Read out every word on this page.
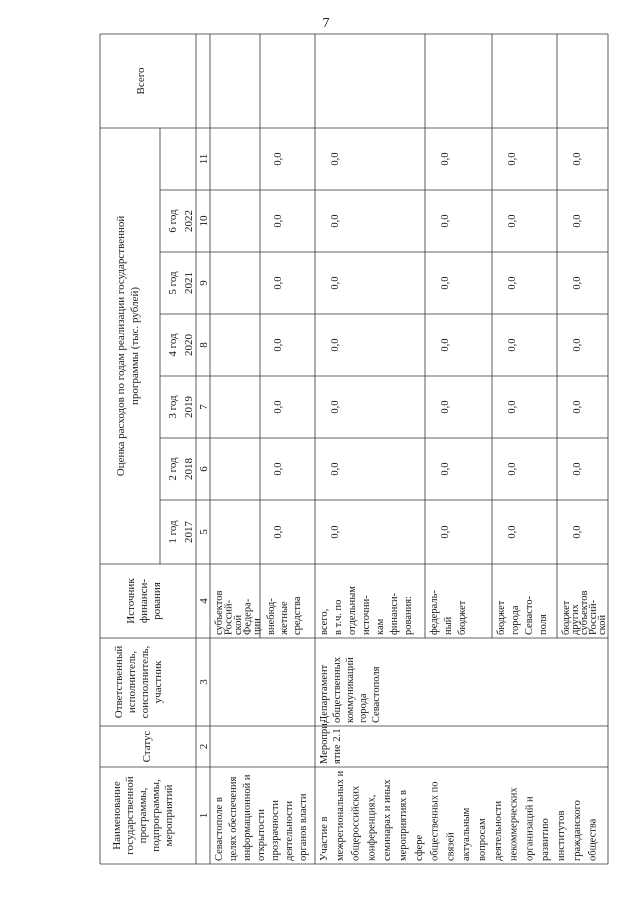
7
Наименование государственной программы, подпрограммы, мероприятий
Статус
Ответственный исполнитель, соисполнитель, участник
Источник финанси- рования
Оценка расходов по годам реализации государственной программы (тыс. рублей)
Всего
1 год 2017
2 год 2018
3 год 2019
4 год 2020
5 год 2021
6 год 2022
1
2
3
4
5
6
7
8
9
10
11
Севастополе в целях обеспечения информационной и открытости прозрачности деятельности органов власти
субъектов
Россий-
ской
Федера-
ции внебюд- жетные средства
0,0
0,0
0,0
0,0
0,0
0,0
0,0
Участие в межрегиональных и общероссийских конференциях, семинарах и иных мероприятиях в сфере общественных по связей актуальным вопросам деятельности некоммерческих организаций и развитию институтов гражданского общества
Меропри- ятие 2.1
Департамент общественных коммуникаций города Севастополя
всего, в т.ч. по отдельным источни- кам финанси- рования:
0,0
0,0
0,0
0,0
0,0
0,0
0,0
федераль- ный бюджет
0,0
0,0
0,0
0,0
0,0
0,0
0,0
бюджет города Севасто- поля
0,0
0,0
0,0
0,0
0,0
0,0
0,0
бюджет
других
субъектов
Россий-
ской
0,0
0,0
0,0
0,0
0,0
0,0
0,0
